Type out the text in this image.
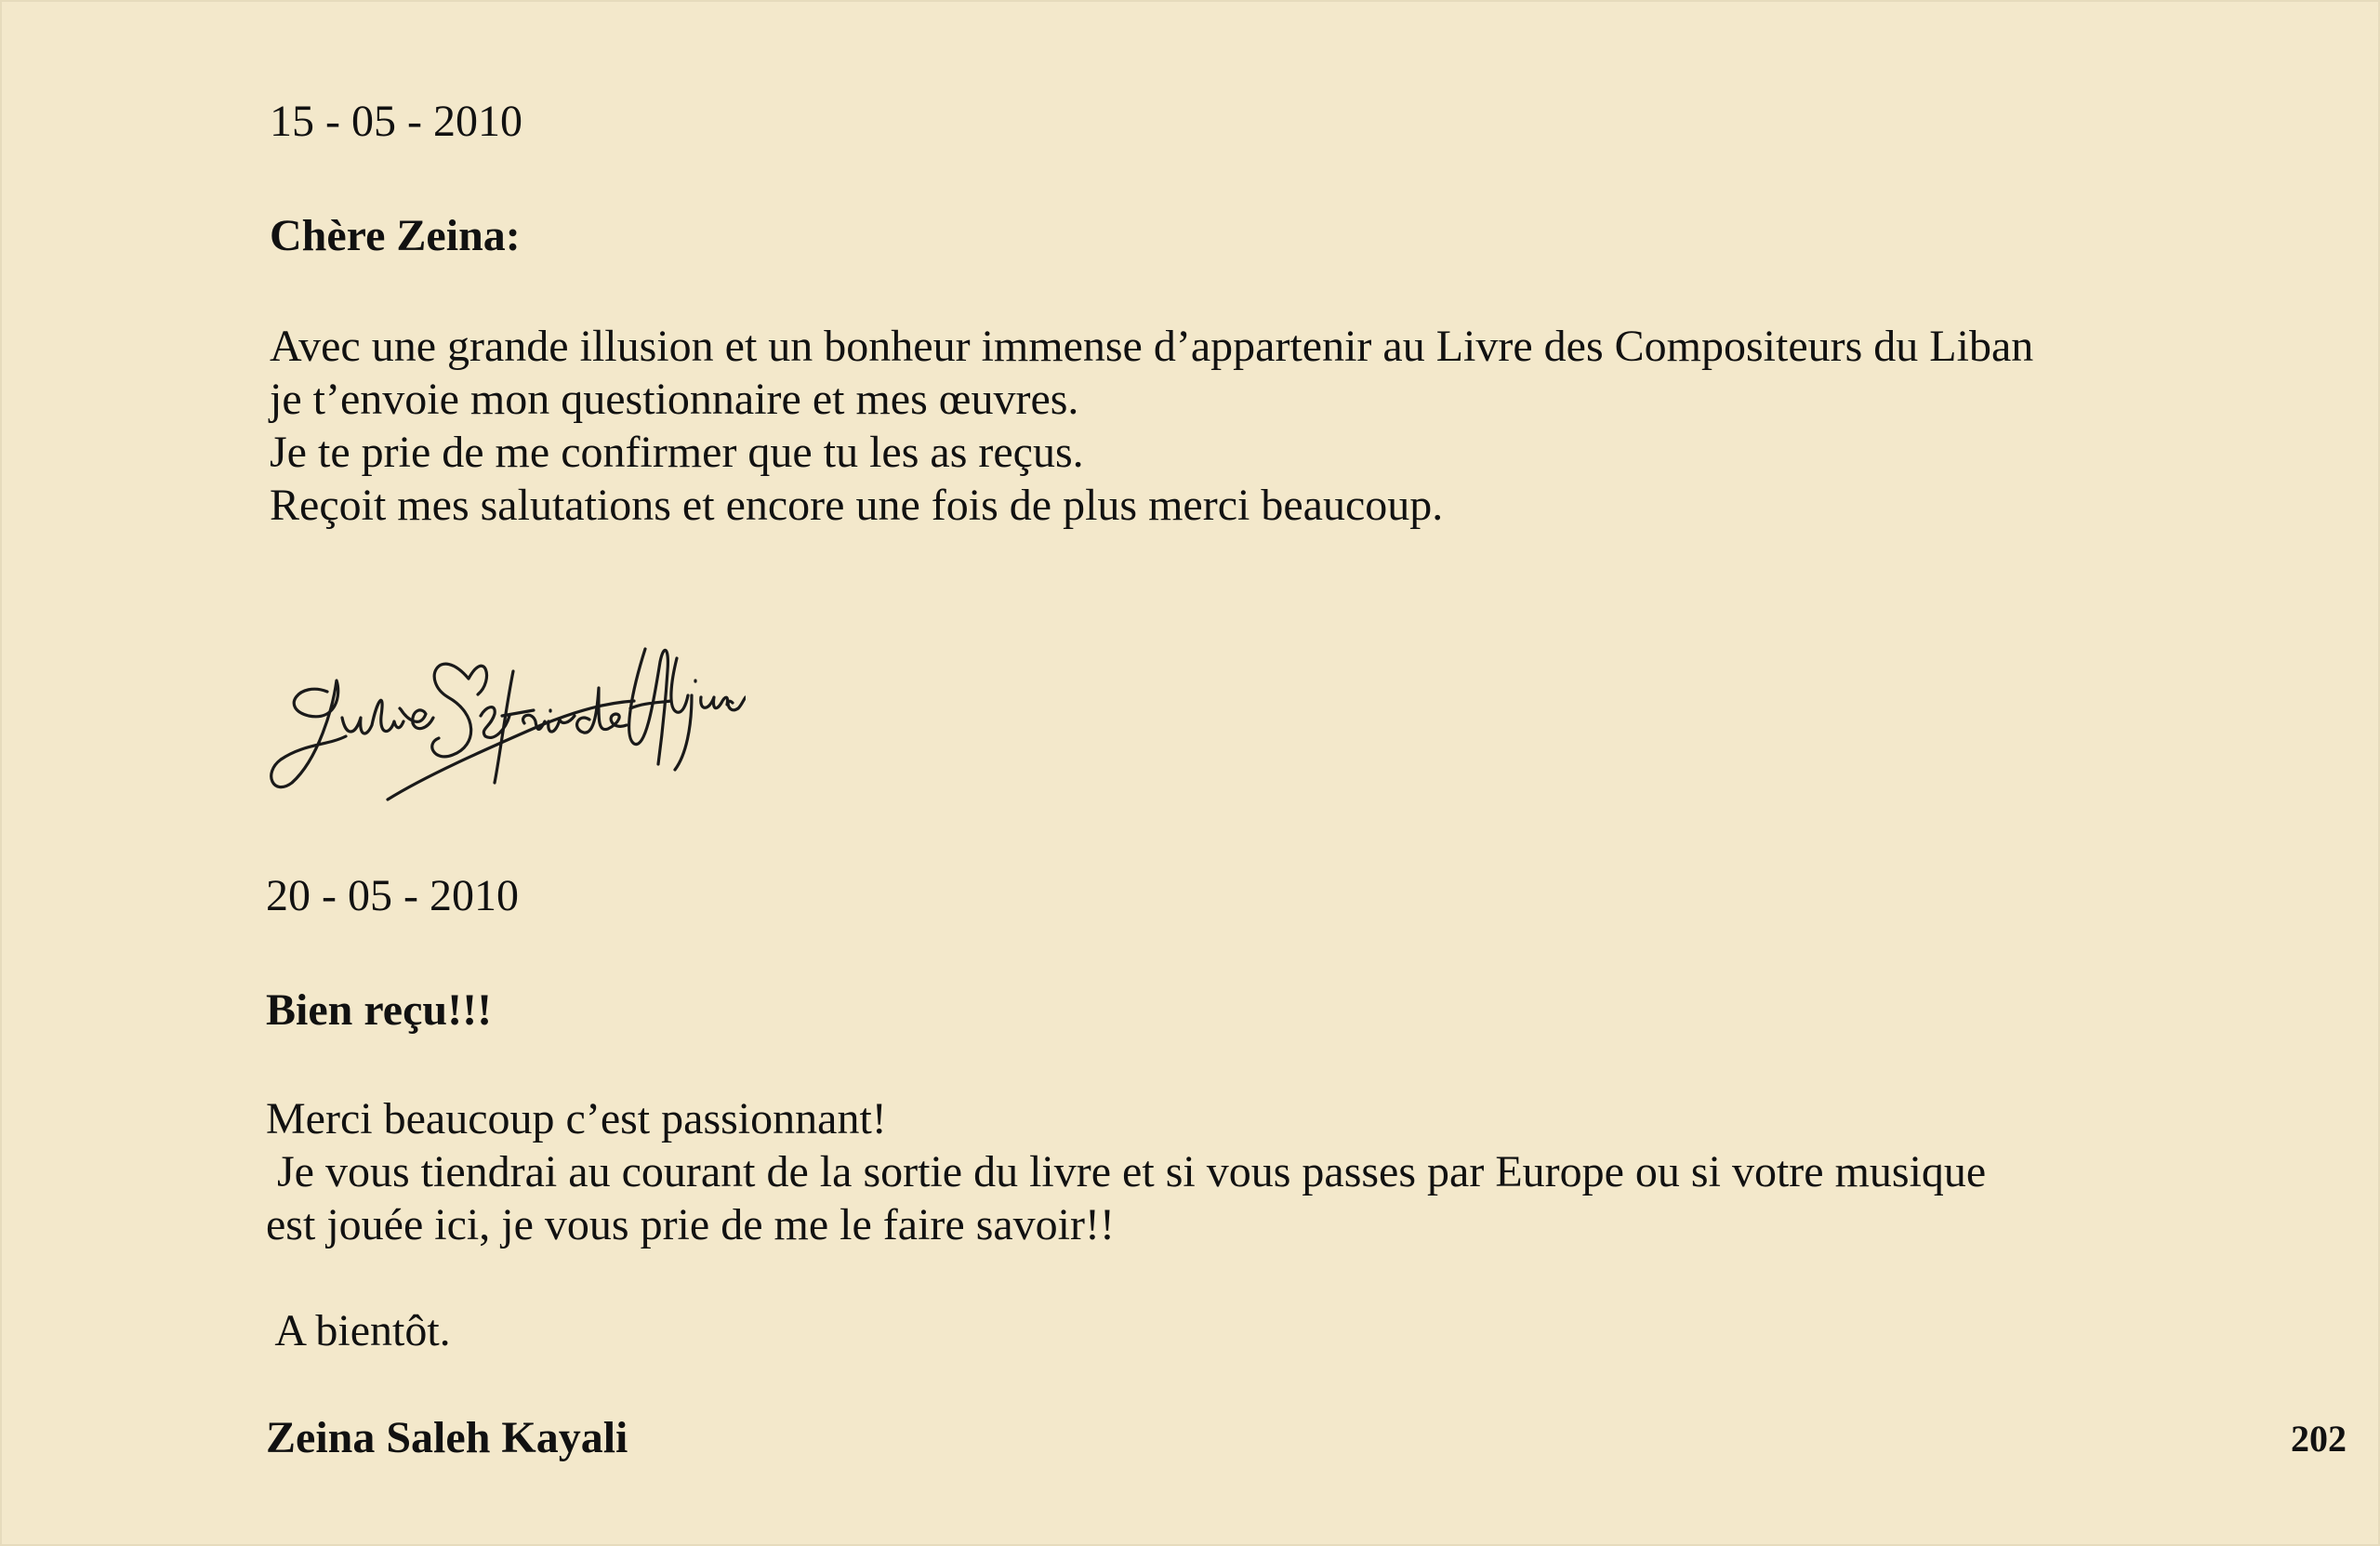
15 - 05 - 2010
Chère Zeina:
Avec une grande illusion et un bonheur immense d’appartenir au Livre des Compositeurs du Liban
je t’envoie mon questionnaire et mes œuvres.
Je te prie de me confirmer que tu les as reçus.
Reçoit mes salutations et encore une fois de plus merci beaucoup.
20 - 05 - 2010
Bien reçu!!!
Merci beaucoup c’est passionnant!
Je vous tiendrai au courant de la sortie du livre et si vous passes par Europe ou si votre musique
est jouée ici, je vous prie de me le faire savoir!!
A bientôt.
Zeina Saleh Kayali	202
